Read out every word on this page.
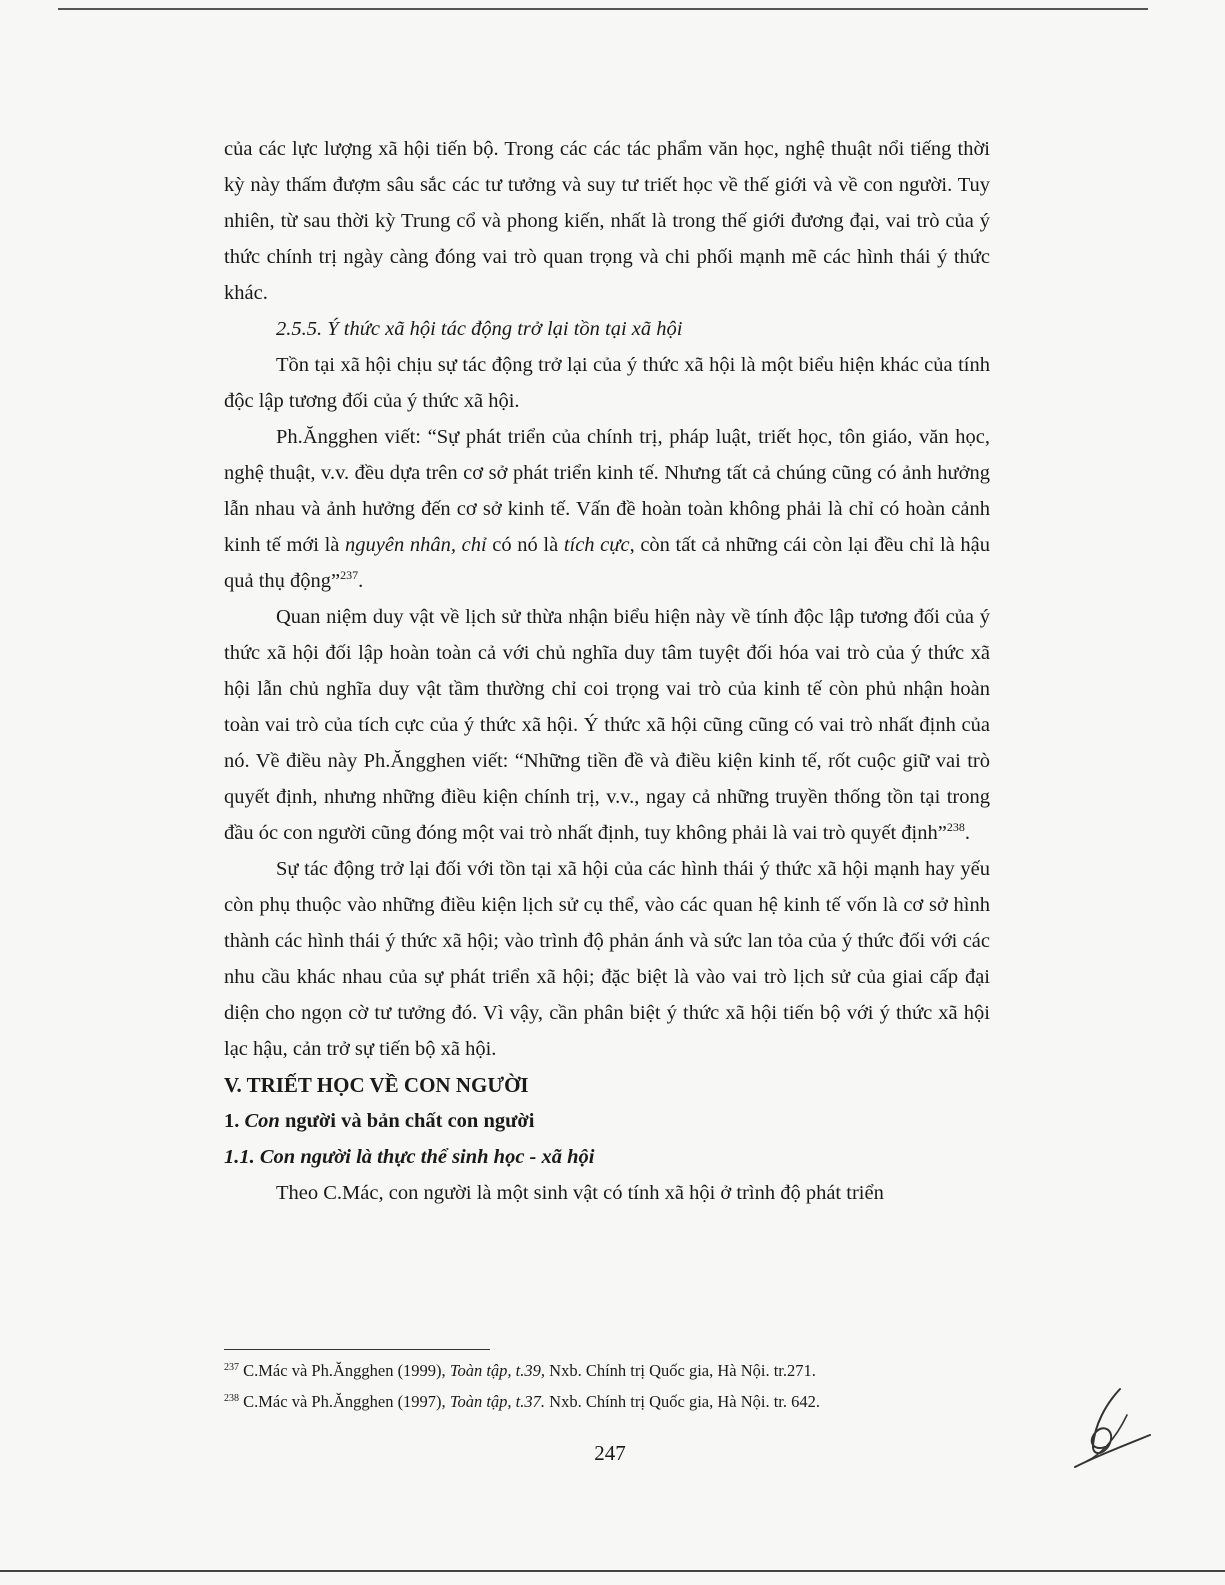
của các lực lượng xã hội tiến bộ. Trong các các tác phẩm văn học, nghệ thuật nổi tiếng thời kỳ này thấm đượm sâu sắc các tư tưởng và suy tư triết học về thế giới và về con người. Tuy nhiên, từ sau thời kỳ Trung cổ và phong kiến, nhất là trong thế giới đương đại, vai trò của ý thức chính trị ngày càng đóng vai trò quan trọng và chi phối mạnh mẽ các hình thái ý thức khác.

2.5.5. Ý thức xã hội tác động trở lại tồn tại xã hội

Tồn tại xã hội chịu sự tác động trở lại của ý thức xã hội là một biểu hiện khác của tính độc lập tương đối của ý thức xã hội.

Ph.Ăngghen viết: “Sự phát triển của chính trị, pháp luật, triết học, tôn giáo, văn học, nghệ thuật, v.v. đều dựa trên cơ sở phát triển kinh tế. Nhưng tất cả chúng cũng có ảnh hưởng lẫn nhau và ảnh hưởng đến cơ sở kinh tế. Vấn đề hoàn toàn không phải là chỉ có hoàn cảnh kinh tế mới là nguyên nhân, chỉ có nó là tích cực, còn tất cả những cái còn lại đều chỉ là hậu quả thụ động”$^{237}$.

Quan niệm duy vật về lịch sử thừa nhận biểu hiện này về tính độc lập tương đối của ý thức xã hội đối lập hoàn toàn cả với chủ nghĩa duy tâm tuyệt đối hóa vai trò của ý thức xã hội lẫn chủ nghĩa duy vật tầm thường chỉ coi trọng vai trò của kinh tế còn phủ nhận hoàn toàn vai trò của tích cực của ý thức xã hội. Ý thức xã hội cũng cũng có vai trò nhất định của nó. Về điều này Ph.Ăngghen viết: “Những tiền đề và điều kiện kinh tế, rốt cuộc giữ vai trò quyết định, nhưng những điều kiện chính trị, v.v., ngay cả những truyền thống tồn tại trong đầu óc con người cũng đóng một vai trò nhất định, tuy không phải là vai trò quyết định”$^{238}$.

Sự tác động trở lại đối với tồn tại xã hội của các hình thái ý thức xã hội mạnh hay yếu còn phụ thuộc vào những điều kiện lịch sử cụ thể, vào các quan hệ kinh tế vốn là cơ sở hình thành các hình thái ý thức xã hội; vào trình độ phản ánh và sức lan tỏa của ý thức đối với các nhu cầu khác nhau của sự phát triển xã hội; đặc biệt là vào vai trò lịch sử của giai cấp đại diện cho ngọn cờ tư tưởng đó. Vì vậy, cần phân biệt ý thức xã hội tiến bộ với ý thức xã hội lạc hậu, cản trở sự tiến bộ xã hội.

V. TRIẾT HỌC VỀ CON NGƯỜI

1. Con người và bản chất con người

1.1. Con người là thực thể sinh học - xã hội

Theo C.Mác, con người là một sinh vật có tính xã hội ở trình độ phát triển

$^{237}$ C.Mác và Ph.Ăngghen (1999), Toàn tập, t.39, Nxb. Chính trị Quốc gia, Hà Nội. tr.271.

$^{238}$ C.Mác và Ph.Ăngghen (1997), Toàn tập, t.37. Nxb. Chính trị Quốc gia, Hà Nội. tr. 642.

247
